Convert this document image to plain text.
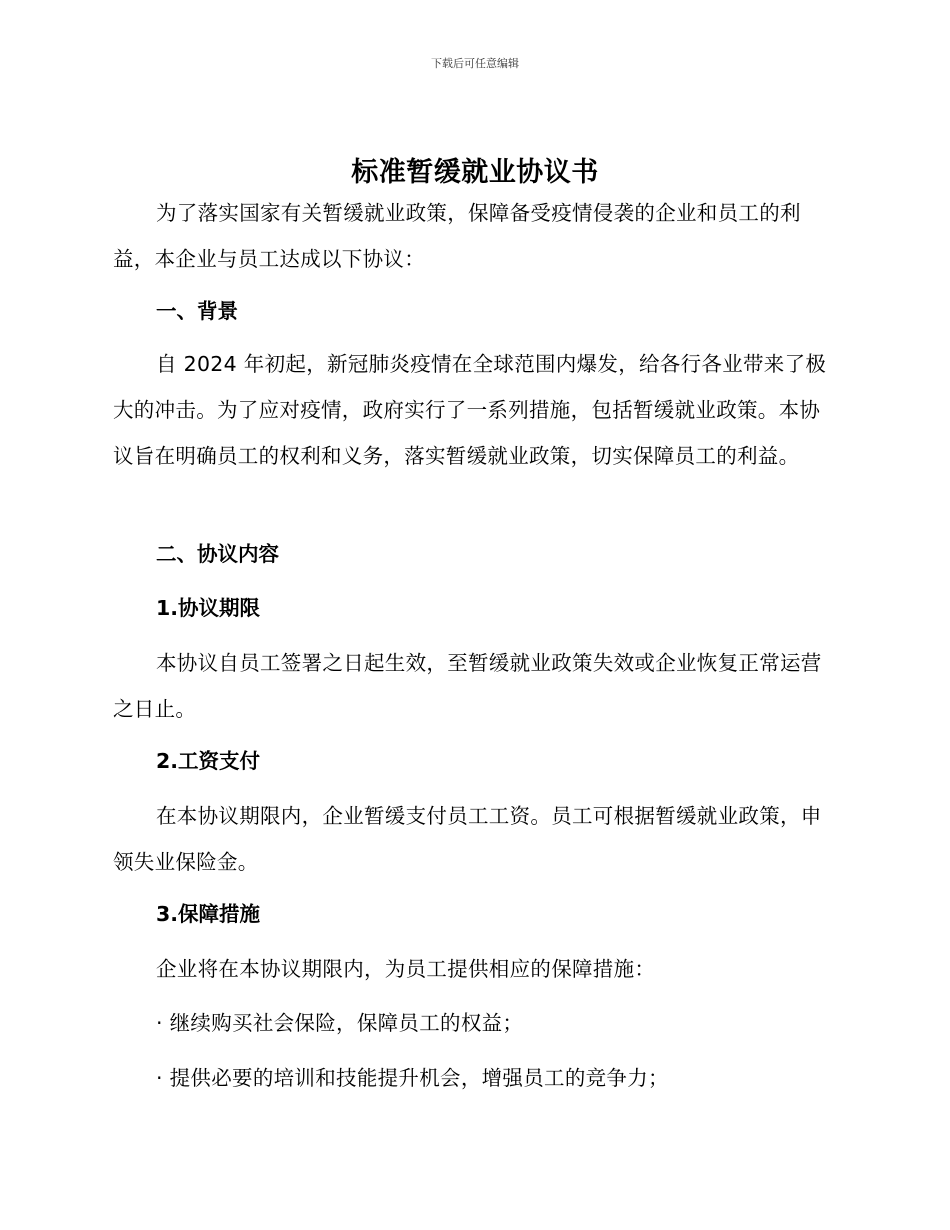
下载后可任意编辑
标准暂缓就业协议书
为了落实国家有关暂缓就业政策，保障备受疫情侵袭的企业和员工的利益，本企业与员工达成以下协议：
一、背景
自 2024 年初起，新冠肺炎疫情在全球范围内爆发，给各行各业带来了极大的冲击。为了应对疫情，政府实行了一系列措施，包括暂缓就业政策。本协议旨在明确员工的权利和义务，落实暂缓就业政策，切实保障员工的利益。
二、协议内容
1.协议期限
本协议自员工签署之日起生效，至暂缓就业政策失效或企业恢复正常运营之日止。
2.工资支付
在本协议期限内，企业暂缓支付员工工资。员工可根据暂缓就业政策，申领失业保险金。
3.保障措施
企业将在本协议期限内，为员工提供相应的保障措施：
· 继续购买社会保险，保障员工的权益；
· 提供必要的培训和技能提升机会，增强员工的竞争力；
